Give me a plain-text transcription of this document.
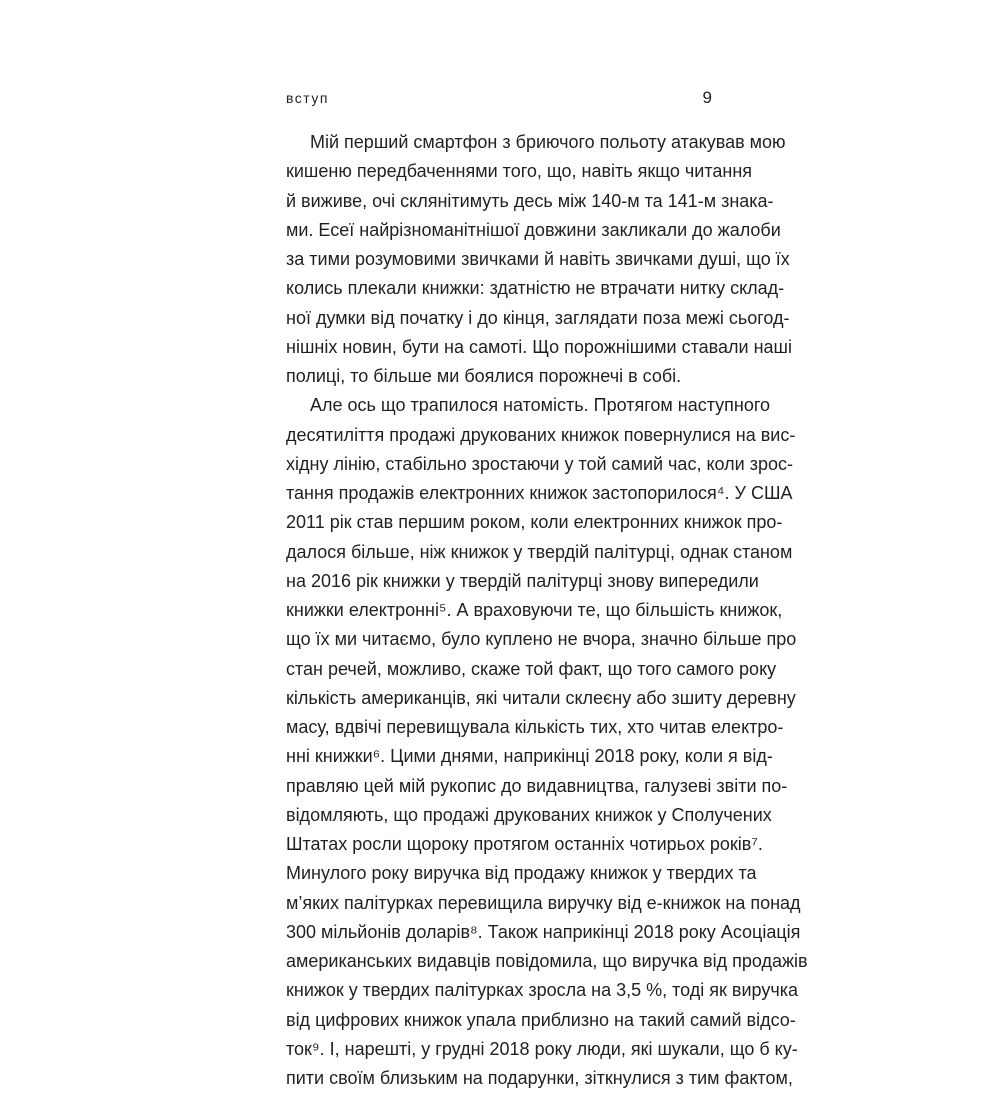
вступ	9
Мій перший смартфон з бриючого польоту атакував мою
кишеню передбаченнями того, що, навіть якщо читання
й виживе, очі склянітимуть десь між 140-м та 141-м знака-
ми. Есеї найрізноманітнішої довжини закликали до жалоби
за тими розумовими звичками й навіть звичками душі, що їх
колись плекали книжки: здатністю не втрачати нитку склад-
ної думки від початку і до кінця, заглядати поза межі сьогод-
нішніх новин, бути на самоті. Що порожнішими ставали наші
полиці, то більше ми боялися порожнечі в собі.
Але ось що трапилося натомість. Протягом наступного
десятиліття продажі друкованих книжок повернулися на вис-
хідну лінію, стабільно зростаючи у той самий час, коли зрос-
тання продажів електронних книжок застопорилося⁴. У США
2011 рік став першим роком, коли електронних книжок про-
далося більше, ніж книжок у твердій палітурці, однак станом
на 2016 рік книжки у твердій палітурці знову випередили
книжки електронні⁵. А враховуючи те, що більшість книжок,
що їх ми читаємо, було куплено не вчора, значно більше про
стан речей, можливо, скаже той факт, що того самого року
кількість американців, які читали склеєну або зшиту деревну
масу, вдвічі перевищувала кількість тих, хто читав електро-
нні книжки⁶. Цими днями, наприкінці 2018 року, коли я від-
правляю цей мій рукопис до видавництва, галузеві звіти по-
відомляють, що продажі друкованих книжок у Сполучених
Штатах росли щороку протягом останніх чотирьох років⁷.
Минулого року виручка від продажу книжок у твердих та
м’яких палітурках перевищила виручку від е-книжок на понад
300 мільйонів доларів⁸. Також наприкінці 2018 року Асоціація
американських видавців повідомила, що виручка від продажів
книжок у твердих палітурках зросла на 3,5 %, тоді як виручка
від цифрових книжок упала приблизно на такий самий відсо-
ток⁹. І, нарешті, у грудні 2018 року люди, які шукали, що б ку-
пити своїм близьким на подарунки, зіткнулися з тим фактом,
